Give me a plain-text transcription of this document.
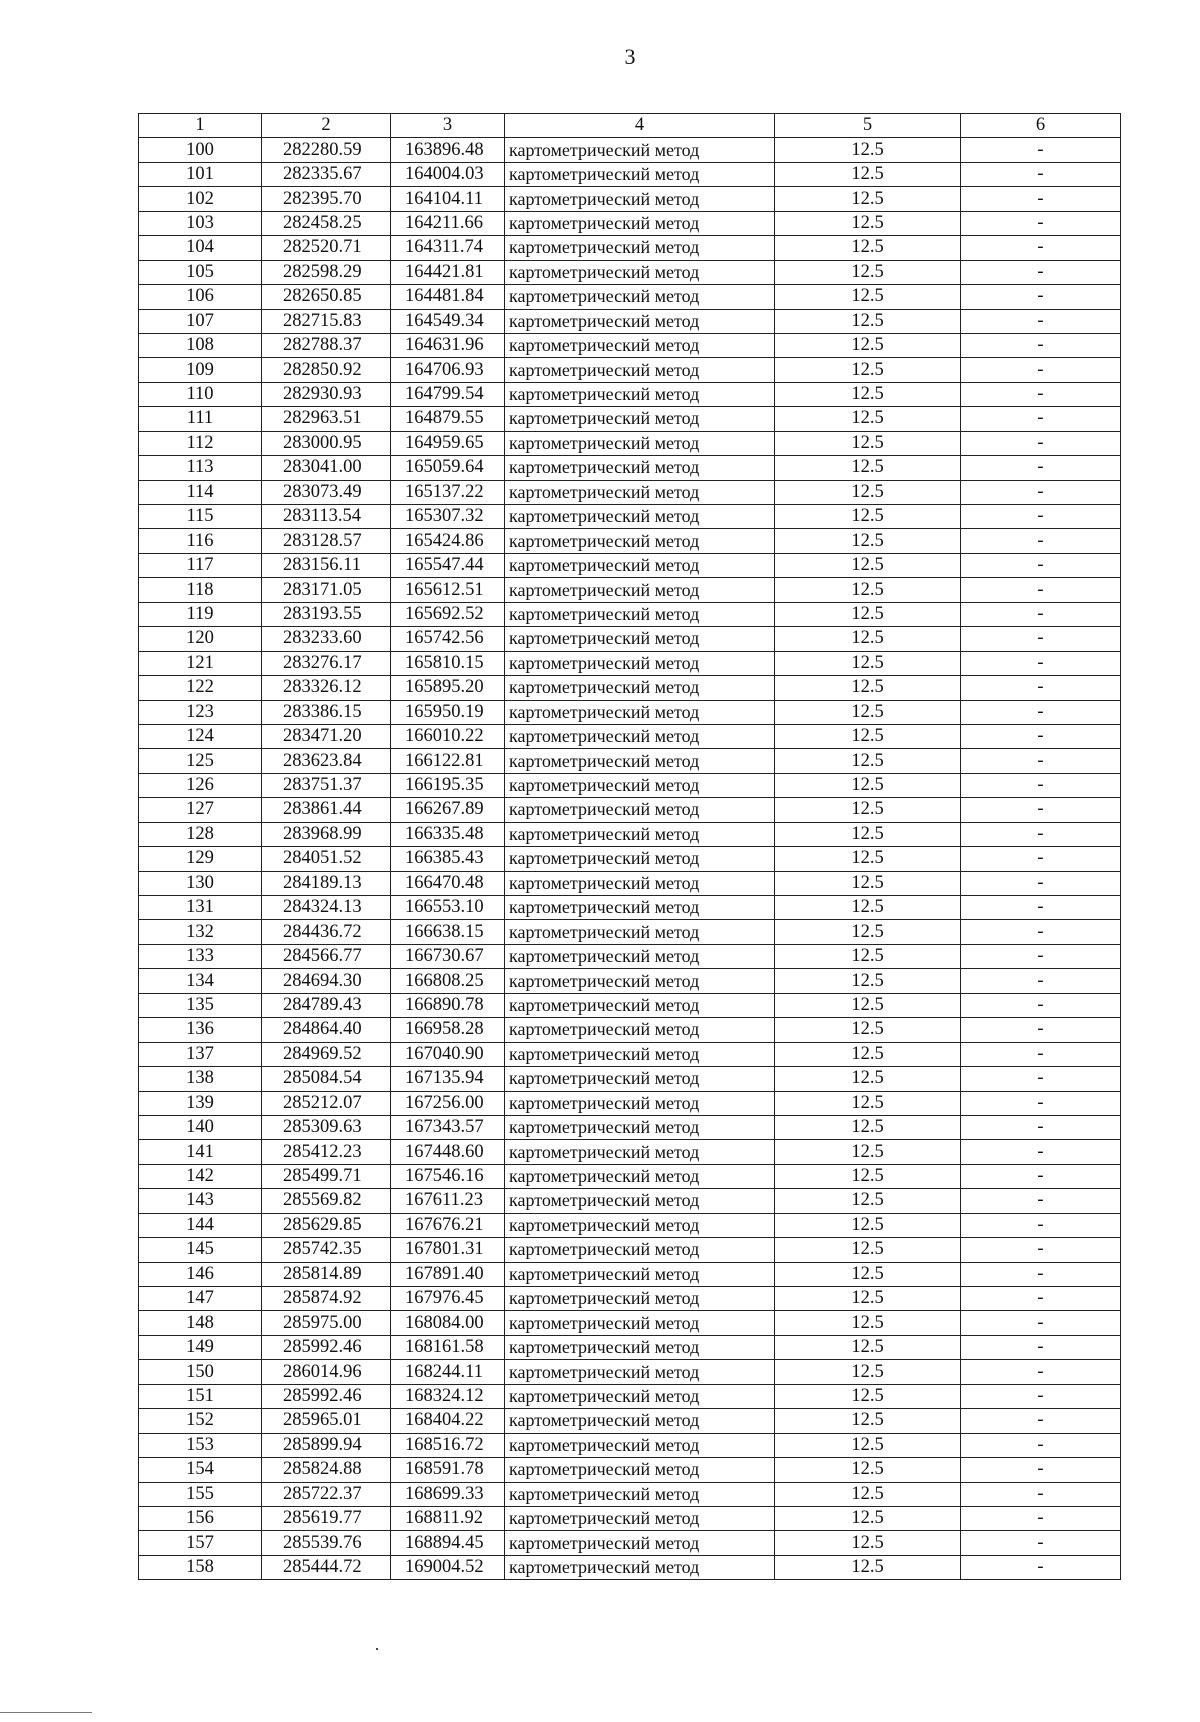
3
1	2	3	4	5	6
100	282280.59	163896.48	картометрический метод	12.5	-
101	282335.67	164004.03	картометрический метод	12.5	-
102	282395.70	164104.11	картометрический метод	12.5	-
103	282458.25	164211.66	картометрический метод	12.5	-
104	282520.71	164311.74	картометрический метод	12.5	-
105	282598.29	164421.81	картометрический метод	12.5	-
106	282650.85	164481.84	картометрический метод	12.5	-
107	282715.83	164549.34	картометрический метод	12.5	-
108	282788.37	164631.96	картометрический метод	12.5	-
109	282850.92	164706.93	картометрический метод	12.5	-
110	282930.93	164799.54	картометрический метод	12.5	-
111	282963.51	164879.55	картометрический метод	12.5	-
112	283000.95	164959.65	картометрический метод	12.5	-
113	283041.00	165059.64	картометрический метод	12.5	-
114	283073.49	165137.22	картометрический метод	12.5	-
115	283113.54	165307.32	картометрический метод	12.5	-
116	283128.57	165424.86	картометрический метод	12.5	-
117	283156.11	165547.44	картометрический метод	12.5	-
118	283171.05	165612.51	картометрический метод	12.5	-
119	283193.55	165692.52	картометрический метод	12.5	-
120	283233.60	165742.56	картометрический метод	12.5	-
121	283276.17	165810.15	картометрический метод	12.5	-
122	283326.12	165895.20	картометрический метод	12.5	-
123	283386.15	165950.19	картометрический метод	12.5	-
124	283471.20	166010.22	картометрический метод	12.5	-
125	283623.84	166122.81	картометрический метод	12.5	-
126	283751.37	166195.35	картометрический метод	12.5	-
127	283861.44	166267.89	картометрический метод	12.5	-
128	283968.99	166335.48	картометрический метод	12.5	-
129	284051.52	166385.43	картометрический метод	12.5	-
130	284189.13	166470.48	картометрический метод	12.5	-
131	284324.13	166553.10	картометрический метод	12.5	-
132	284436.72	166638.15	картометрический метод	12.5	-
133	284566.77	166730.67	картометрический метод	12.5	-
134	284694.30	166808.25	картометрический метод	12.5	-
135	284789.43	166890.78	картометрический метод	12.5	-
136	284864.40	166958.28	картометрический метод	12.5	-
137	284969.52	167040.90	картометрический метод	12.5	-
138	285084.54	167135.94	картометрический метод	12.5	-
139	285212.07	167256.00	картометрический метод	12.5	-
140	285309.63	167343.57	картометрический метод	12.5	-
141	285412.23	167448.60	картометрический метод	12.5	-
142	285499.71	167546.16	картометрический метод	12.5	-
143	285569.82	167611.23	картометрический метод	12.5	-
144	285629.85	167676.21	картометрический метод	12.5	-
145	285742.35	167801.31	картометрический метод	12.5	-
146	285814.89	167891.40	картометрический метод	12.5	-
147	285874.92	167976.45	картометрический метод	12.5	-
148	285975.00	168084.00	картометрический метод	12.5	-
149	285992.46	168161.58	картометрический метод	12.5	-
150	286014.96	168244.11	картометрический метод	12.5	-
151	285992.46	168324.12	картометрический метод	12.5	-
152	285965.01	168404.22	картометрический метод	12.5	-
153	285899.94	168516.72	картометрический метод	12.5	-
154	285824.88	168591.78	картометрический метод	12.5	-
155	285722.37	168699.33	картометрический метод	12.5	-
156	285619.77	168811.92	картометрический метод	12.5	-
157	285539.76	168894.45	картометрический метод	12.5	-
158	285444.72	169004.52	картометрический метод	12.5	-
